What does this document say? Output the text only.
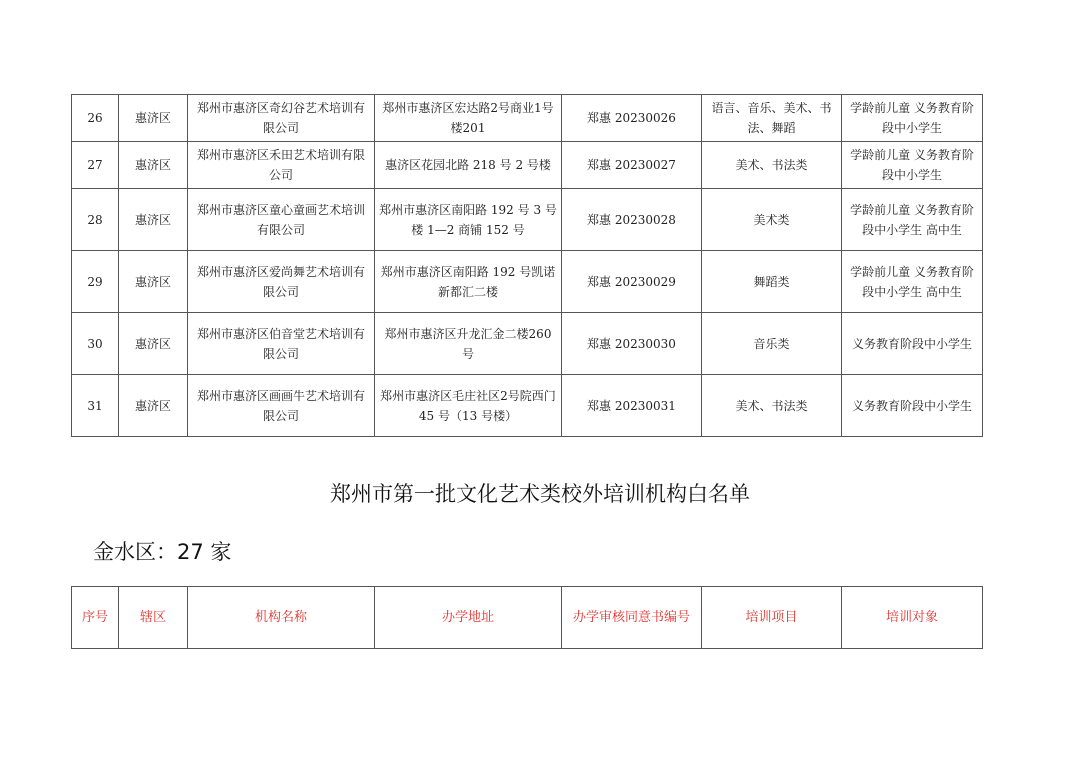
26	惠济区	郑州市惠济区奇幻谷艺术培训有限公司	郑州市惠济区宏达路2号商业1号楼201	郑惠 20230026	语言、音乐、美术、书法、舞蹈	学龄前儿童 义务教育阶段中小学生
27	惠济区	郑州市惠济区禾田艺术培训有限公司	惠济区花园北路 218 号 2 号楼	郑惠 20230027	美术、书法类	学龄前儿童 义务教育阶段中小学生
28	惠济区	郑州市惠济区童心童画艺术培训有限公司	郑州市惠济区南阳路 192 号 3 号楼 1—2 商铺 152 号	郑惠 20230028	美术类	学龄前儿童 义务教育阶段中小学生 高中生
29	惠济区	郑州市惠济区爱尚舞艺术培训有限公司	郑州市惠济区南阳路 192 号凯诺新都汇二楼	郑惠 20230029	舞蹈类	学龄前儿童 义务教育阶段中小学生 高中生
30	惠济区	郑州市惠济区伯音堂艺术培训有限公司	郑州市惠济区升龙汇金二楼260 号	郑惠 20230030	音乐类	义务教育阶段中小学生
31	惠济区	郑州市惠济区画画牛艺术培训有限公司	郑州市惠济区毛庄社区2号院西门 45 号（13 号楼）	郑惠 20230031	美术、书法类	义务教育阶段中小学生
郑州市第一批文化艺术类校外培训机构白名单
金水区：27 家
序号	辖区	机构名称	办学地址	办学审核同意书编号	培训项目	培训对象
